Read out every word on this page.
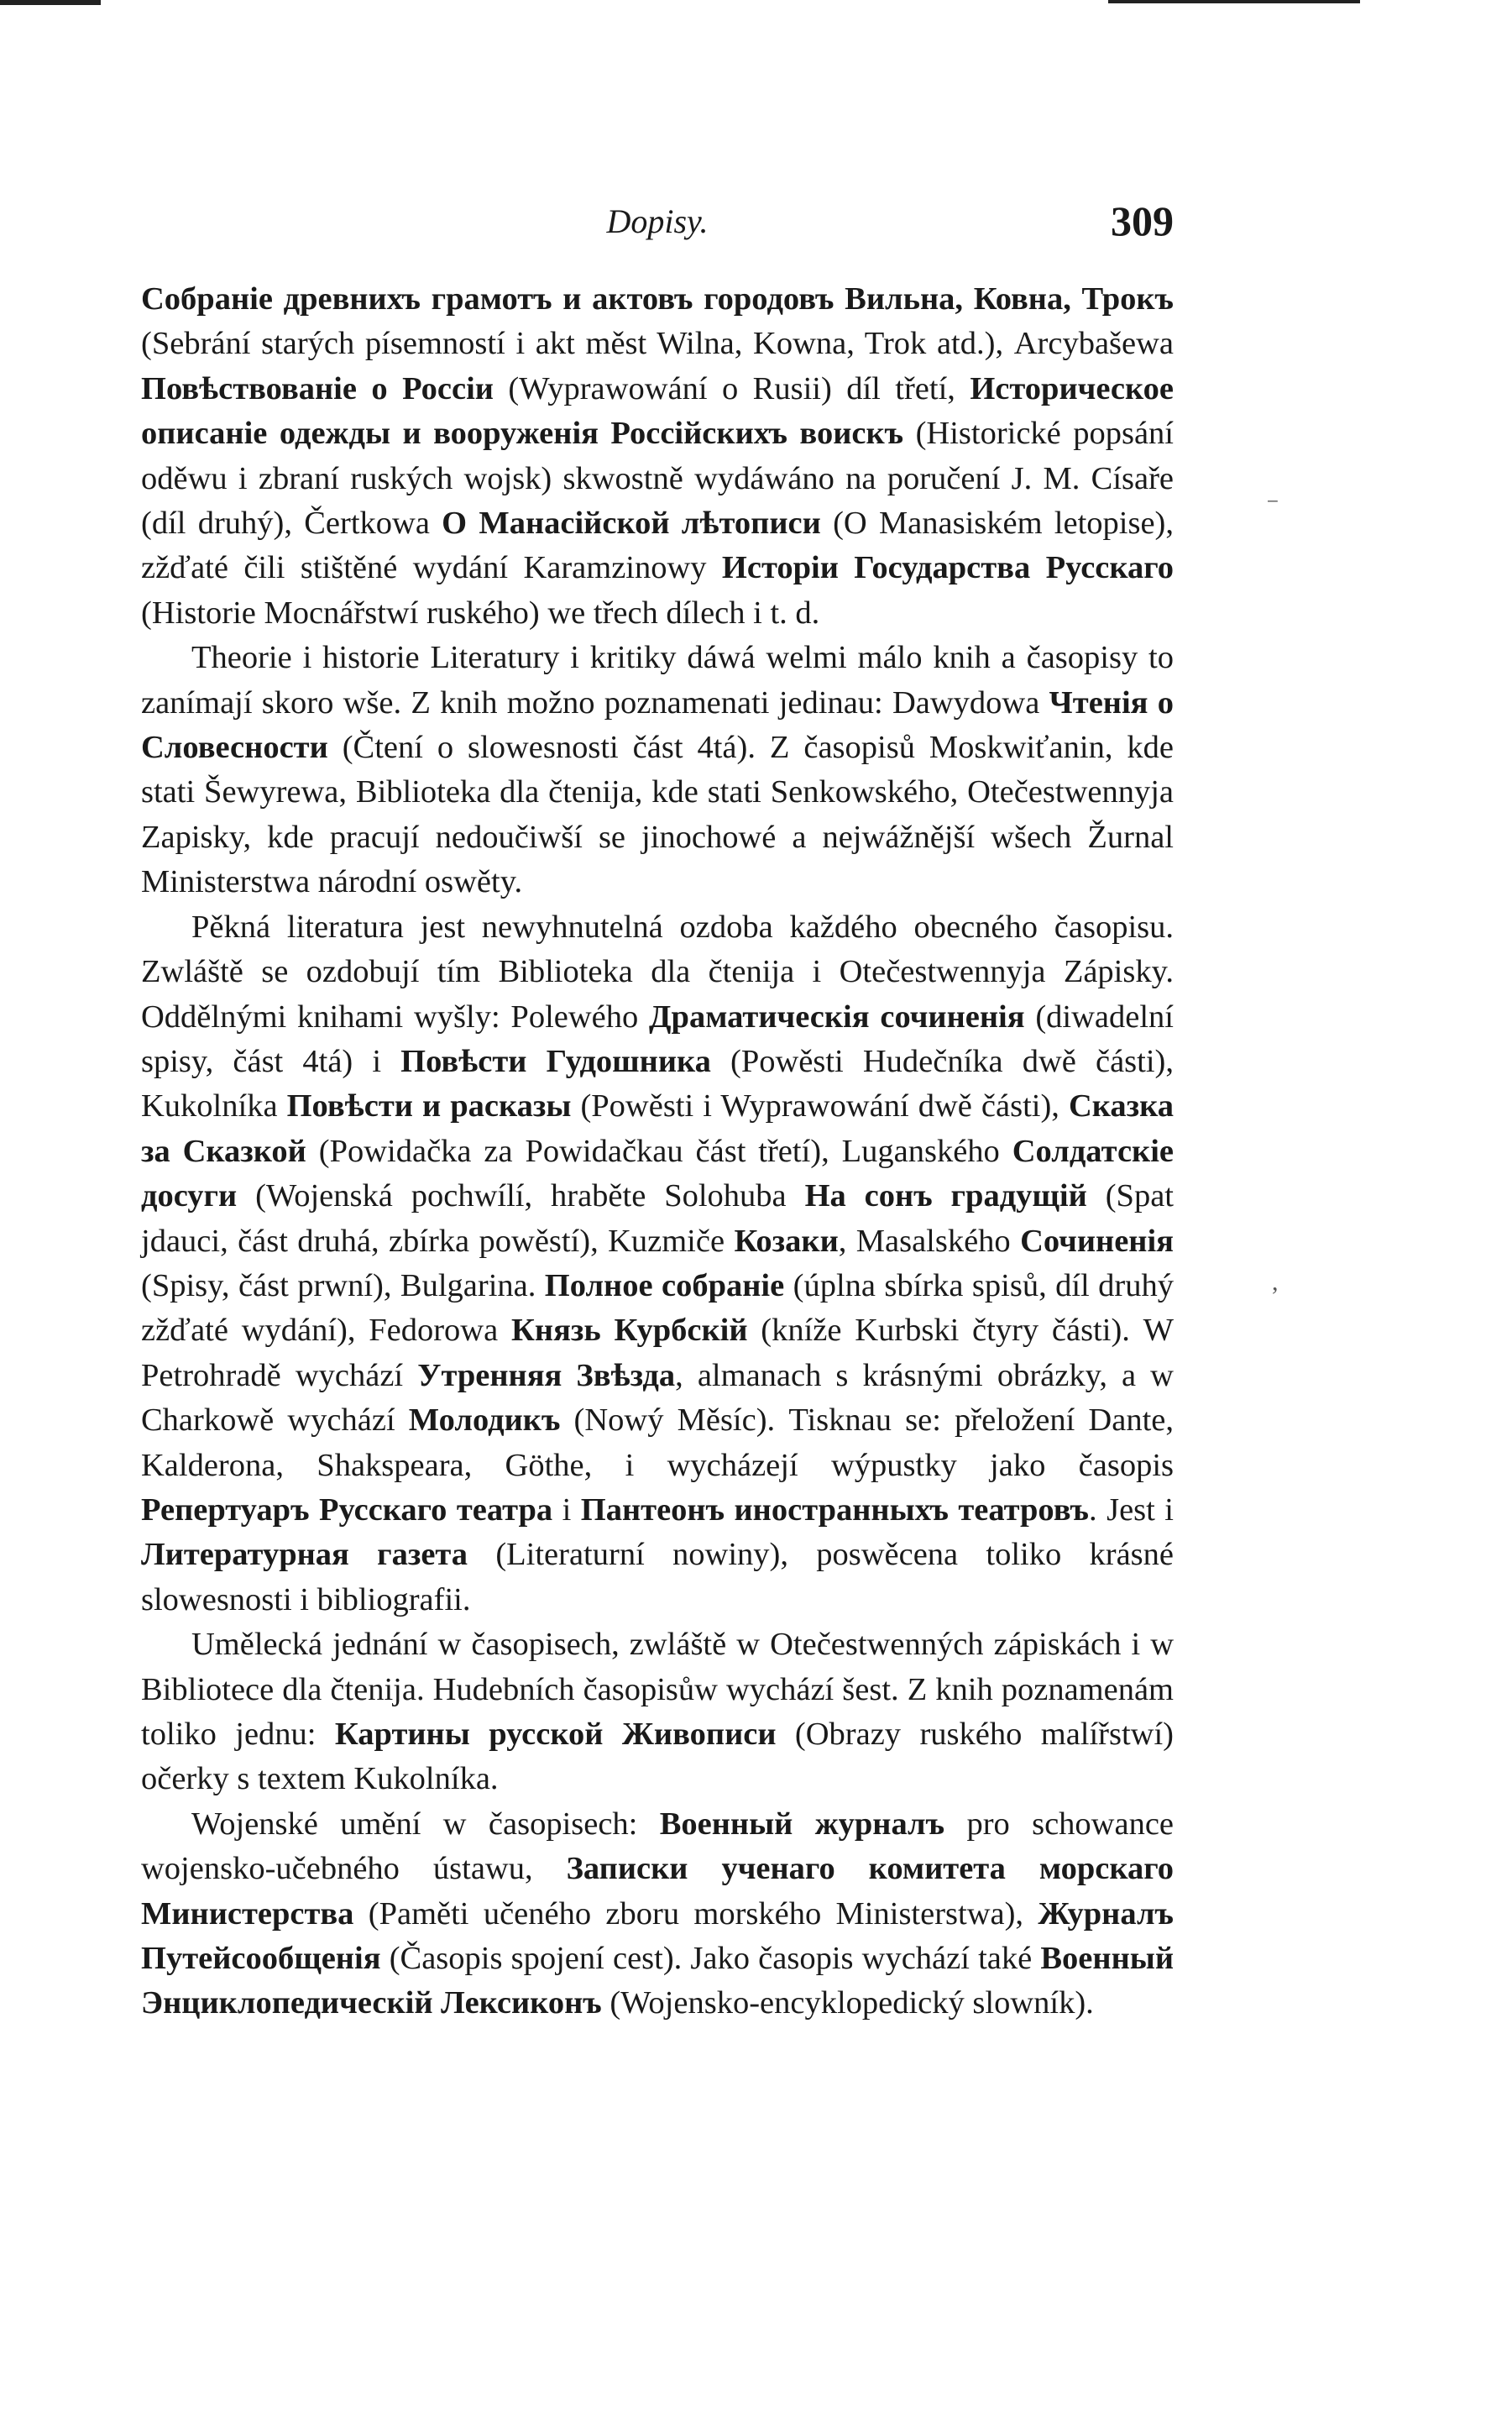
Dopisy.	309

Собраніе древнихъ грамотъ и актовъ городовъ Вильна, Ковна, Трокъ (Sebrání starých písemností i akt měst Wilna, Kowna, Trok atd.), Arcybašewa Повѣствованіе о Россіи (Wyprawowání o Rusii) díl třetí, Историческое описаніе одежды и вооруженія Россійскихъ воискъ (Historické popsání oděwu i zbraní ruských wojsk) skwostně wydáwáno na poručení J. M. Císaře (díl druhý), Čertkowa О Манасійской лѣтописи (O Manasiském letopise), zžďaté čili stištěné wydání Karamzinowy Исторіи Государства Русскаго (Historie Mocnářstwí ruského) we třech dílech i t. d.

Theorie i historie Literatury i kritiky dáwá welmi málo knih a časopisy to zanímají skoro wše. Z knih možno poznamenati jedinau: Dawydowa Чтенія о Словесности (Čtení o slowesnosti část 4tá). Z časopisů Moskwiťanin, kde stati Šewyrewa, Biblioteka dla čtenija, kde stati Senkowského, Otečestwennyja Zapisky, kde pracují nedoučiwší se jinochowé a nejwážnější wšech Žurnal Ministerstwa národní oswěty.

Pěkná literatura jest newyhnutelná ozdoba každého obecného časopisu. Zwláště se ozdobují tím Biblioteka dla čtenija i Otečestwennyja Zápisky. Oddělnými knihami wyšly: Polewého Драматическія сочиненія (diwadelní spisy, část 4tá) i Повѣсти Гудошника (Powěsti Hudečníka dwě části), Kukolníka Повѣсти и расказы (Powěsti i Wyprawowání dwě části), Сказка за Сказкой (Powidačka za Powidačkau část třetí), Luganského Солдатскіе досуги (Wojenská pochwílí, hraběte Solohuba На сонъ градущій (Spat jdauci, část druhá, zbírka powěstí), Kuzmiče Козаки, Masalského Сочиненія (Spisy, část prwní), Bulgarina. Полное собраніе (úplna sbírka spisů, díl druhý zžďaté wydání), Fedorowa Князь Курбскій (kníže Kurbski čtyry části). W Petrohradě wychází Утренняя Звѣзда, almanach s krásnými obrázky, a w Charkowě wychází Молодикъ (Nowý Měsíc). Tisknau se: přeložení Dante, Kalderona, Shakspeara, Göthe, i wycházejí wýpustky jako časopis Репертуаръ Русскаго театра i Пантеонъ иностранныхъ театровъ. Jest i Литературная газета (Literaturní nowiny), poswěcena toliko krásné slowesnosti i bibliografii.

Umělecká jednání w časopisech, zwláště w Otečestwenných zápiskách i w Bibliotece dla čtenija. Hudebních časopisůw wychází šest. Z knih poznamenám toliko jednu: Картины русской Живописи (Obrazy ruského malířstwí) očerky s textem Kukolníka.

Wojenské umění w časopisech: Военный журналъ pro schowance wojensko-učebného ústawu, Записки ученаго комитета морскаго Министерства (Paměti učeného zboru morského Ministerstwa), Журналъ Путейсообщенія (Časopis spojení cest). Jako časopis wychází také Военный Энциклопедическій Лексиконъ (Wojensko-encyklopedický slowník).

⁻
,
